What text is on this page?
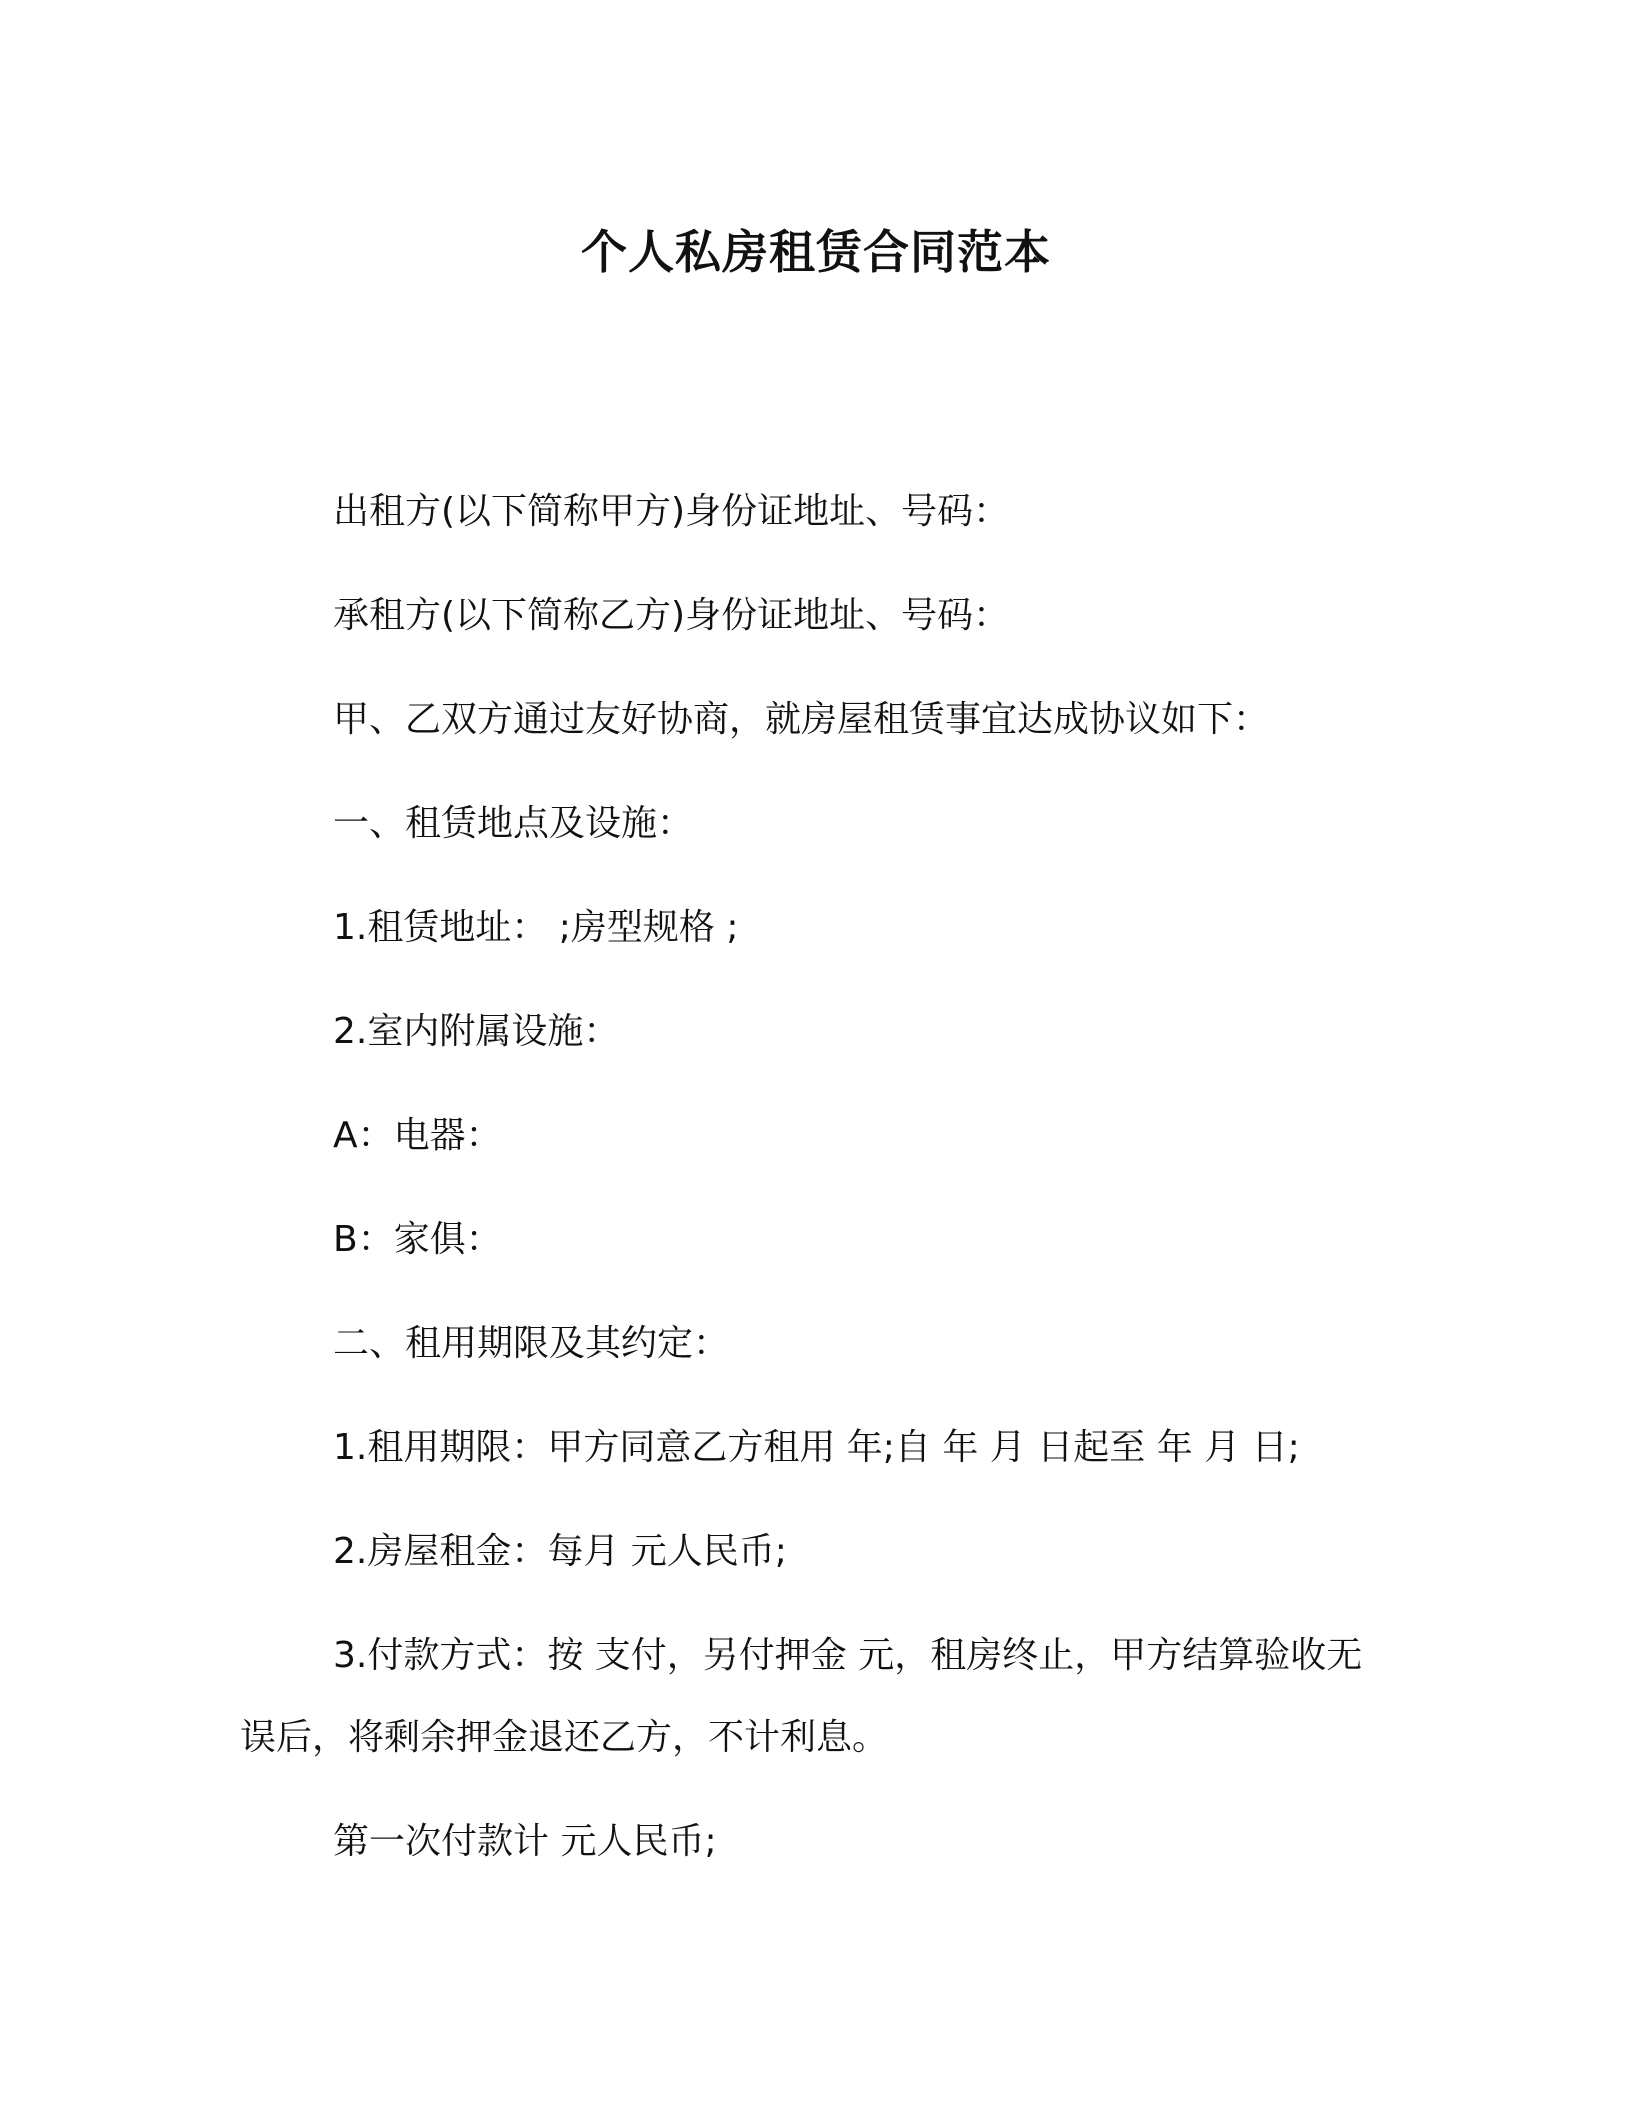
个人私房租赁合同范本

出租方(以下简称甲方)身份证地址、号码：

承租方(以下简称乙方)身份证地址、号码：

甲、乙双方通过友好协商，就房屋租赁事宜达成协议如下：

一、租赁地点及设施：

1.租赁地址： ;房型规格 ;

2.室内附属设施：

A：电器：

B：家俱：

二、租用期限及其约定：

1.租用期限：甲方同意乙方租用 年;自 年 月 日起至 年 月 日;

2.房屋租金：每月 元人民币;

3.付款方式：按 支付，另付押金 元，租房终止，甲方结算验收无误后，将剩余押金退还乙方，不计利息。

第一次付款计 元人民币;
